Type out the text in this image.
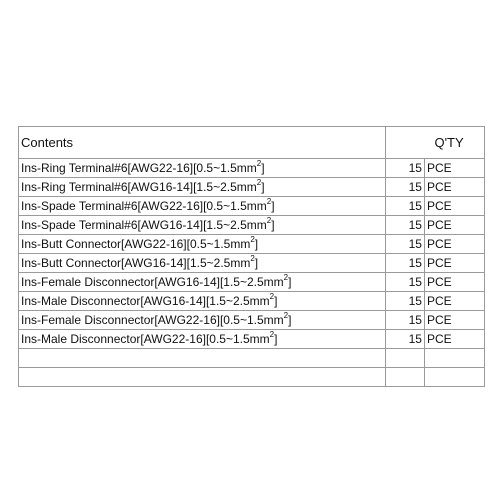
Contents		Q'TY
Ins-Ring $Terminal\#6[AWG22-16][0.5\sim 1.5mm^2]$	15	PCE
Ins-Ring $Terminal\#6[AWG16-14][1.5\sim 2.5mm^2]$	15	PCE
Ins-Spade $Terminal\#6[AWG22-16][0.5\sim 1.5mm^2]$	15	PCE
Ins-Spade $Terminal\#6[AWG16-14][1.5\sim 2.5mm^2]$	15	PCE
Ins-Butt $Connector[AWG22-16][0.5\sim 1.5mm^2]$	15	PCE
Ins-Butt $Connector[AWG16-14][1.5\sim 2.5mm^2]$	15	PCE
Ins-Female $Disconnector[AWG16-14][1.5\sim 2.5mm^2]$	15	PCE
Ins-Male $Disconnector[AWG16-14][1.5\sim 2.5mm^2]$	15	PCE
Ins-Female $Disconnector[AWG22-16][0.5\sim 1.5mm^2]$	15	PCE
Ins-Male $Disconnector[AWG22-16][0.5\sim 1.5mm^2]$	15	PCE
